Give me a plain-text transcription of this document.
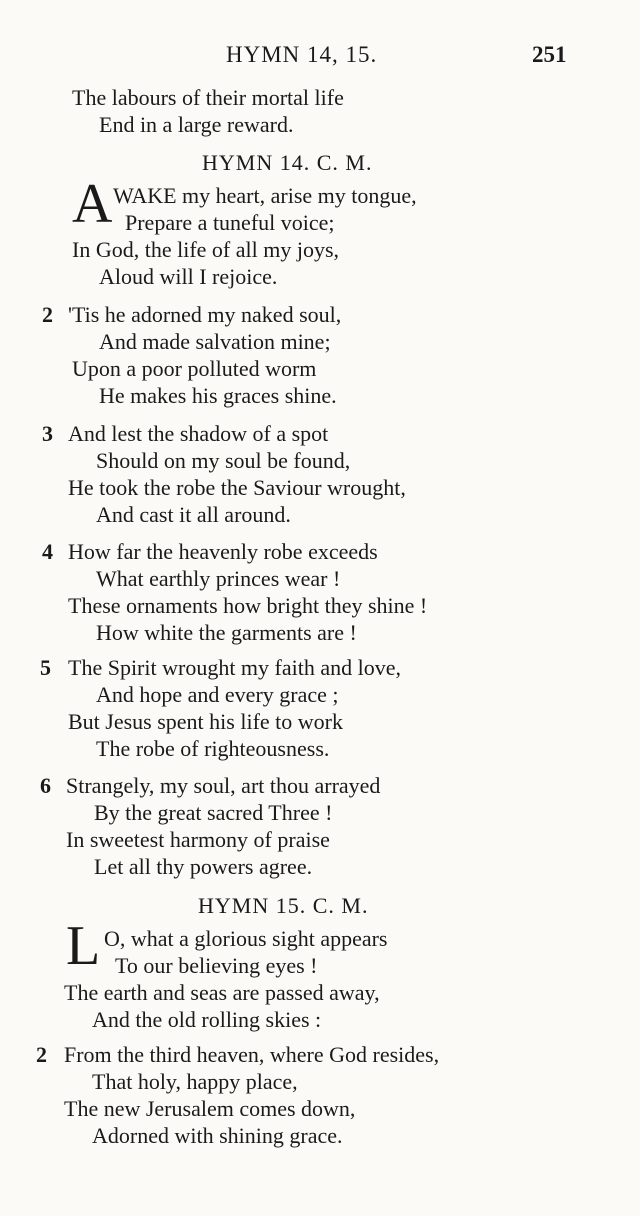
HYMN 14, 15.	251
The labours of their mortal life
End in a large reward.
HYMN 14. C. M.
A WAKE my heart, arise my tongue,
Prepare a tuneful voice;
In God, the life of all my joys,
Aloud will I rejoice.
2 'Tis he adorned my naked soul,
And made salvation mine;
Upon a poor polluted worm
He makes his graces shine.
3 And lest the shadow of a spot
Should on my soul be found,
He took the robe the Saviour wrought,
And cast it all around.
4 How far the heavenly robe exceeds
What earthly princes wear !
These ornaments how bright they shine !
How white the garments are !
5 The Spirit wrought my faith and love,
And hope and every grace ;
But Jesus spent his life to work
The robe of righteousness.
6 Strangely, my soul, art thou arrayed
By the great sacred Three !
In sweetest harmony of praise
Let all thy powers agree.
HYMN 15. C. M.
L O, what a glorious sight appears
To our believing eyes !
The earth and seas are passed away,
And the old rolling skies :
2 From the third heaven, where God resides,
That holy, happy place,
The new Jerusalem comes down,
Adorned with shining grace.
